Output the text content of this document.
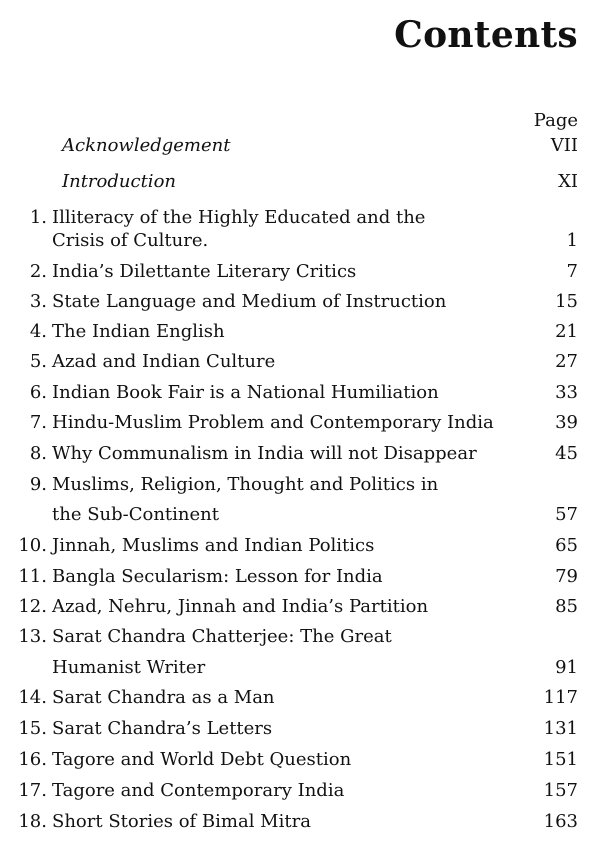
Contents
Page
Acknowledgement	VII
Introduction	XI
1. Illiteracy of the Highly Educated and the
Crisis of Culture.	1
2. India’s Dilettante Literary Critics	7
3. State Language and Medium of Instruction	15
4. The Indian English	21
5. Azad and Indian Culture	27
6. Indian Book Fair is a National Humiliation	33
7. Hindu-Muslim Problem and Contemporary India	39
8. Why Communalism in India will not Disappear	45
9. Muslims, Religion, Thought and Politics in
the Sub-Continent	57
10. Jinnah, Muslims and Indian Politics	65
11. Bangla Secularism: Lesson for India	79
12. Azad, Nehru, Jinnah and India’s Partition	85
13. Sarat Chandra Chatterjee: The Great
Humanist Writer	91
14. Sarat Chandra as a Man	117
15. Sarat Chandra’s Letters	131
16. Tagore and World Debt Question	151
17. Tagore and Contemporary India	157
18. Short Stories of Bimal Mitra	163
